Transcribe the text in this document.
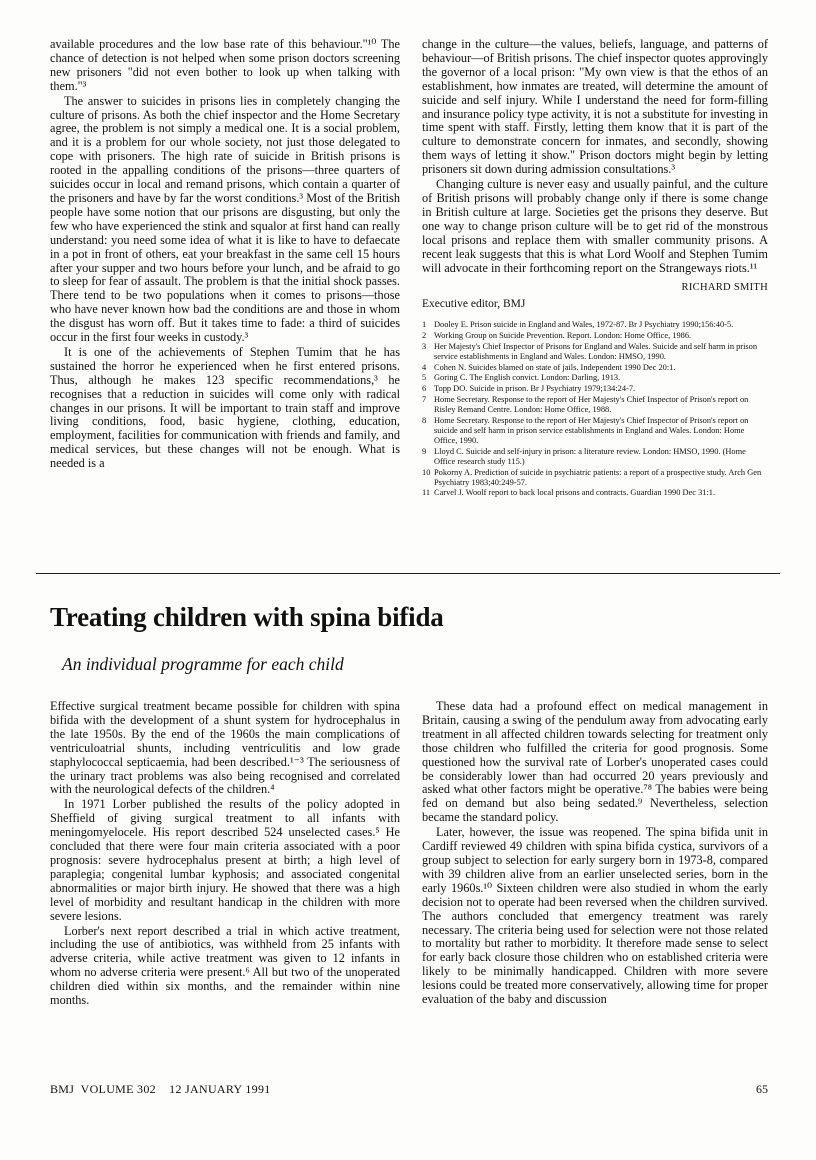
available procedures and the low base rate of this behaviour."¹⁰ The chance of detection is not helped when some prison doctors screening new prisoners "did not even bother to look up when talking with them."³

The answer to suicides in prisons lies in completely changing the culture of prisons. As both the chief inspector and the Home Secretary agree, the problem is not simply a medical one. It is a social problem, and it is a problem for our whole society, not just those delegated to cope with prisoners. The high rate of suicide in British prisons is rooted in the appalling conditions of the prisons—three quarters of suicides occur in local and remand prisons, which contain a quarter of the prisoners and have by far the worst conditions.³ Most of the British people have some notion that our prisons are disgusting, but only the few who have experienced the stink and squalor at first hand can really understand: you need some idea of what it is like to have to defaecate in a pot in front of others, eat your breakfast in the same cell 15 hours after your supper and two hours before your lunch, and be afraid to go to sleep for fear of assault. The problem is that the initial shock passes. There tend to be two populations when it comes to prisons—those who have never known how bad the conditions are and those in whom the disgust has worn off. But it takes time to fade: a third of suicides occur in the first four weeks in custody.³

It is one of the achievements of Stephen Tumim that he has sustained the horror he experienced when he first entered prisons. Thus, although he makes 123 specific recommendations,³ he recognises that a reduction in suicides will come only with radical changes in our prisons. It will be important to train staff and improve living conditions, food, basic hygiene, clothing, education, employment, facilities for communication with friends and family, and medical services, but these changes will not be enough. What is needed is a

change in the culture—the values, beliefs, language, and patterns of behaviour—of British prisons. The chief inspector quotes approvingly the governor of a local prison: "My own view is that the ethos of an establishment, how inmates are treated, will determine the amount of suicide and self injury. While I understand the need for form-filling and insurance policy type activity, it is not a substitute for investing in time spent with staff. Firstly, letting them know that it is part of the culture to demonstrate concern for inmates, and secondly, showing them ways of letting it show." Prison doctors might begin by letting prisoners sit down during admission consultations.³

Changing culture is never easy and usually painful, and the culture of British prisons will probably change only if there is some change in British culture at large. Societies get the prisons they deserve. But one way to change prison culture will be to get rid of the monstrous local prisons and replace them with smaller community prisons. A recent leak suggests that this is what Lord Woolf and Stephen Tumim will advocate in their forthcoming report on the Strangeways riots.¹¹

RICHARD SMITH
Executive editor, BMJ
1 Dooley E. Prison suicide in England and Wales, 1972-87. Br J Psychiatry 1990;156:40-5.
2 Working Group on Suicide Prevention. Report. London: Home Office, 1986.
3 Her Majesty's Chief Inspector of Prisons for England and Wales. Suicide and self harm in prison service establishments in England and Wales. London: HMSO, 1990.
4 Cohen N. Suicides blamed on state of jails. Independent 1990 Dec 20:1.
5 Goring C. The English convict. London: Darling, 1913.
6 Topp DO. Suicide in prison. Br J Psychiatry 1979;134:24-7.
7 Home Secretary. Response to the report of Her Majesty's Chief Inspector of Prison's report on Risley Remand Centre. London: Home Office, 1988.
8 Home Secretary. Response to the report of Her Majesty's Chief Inspector of Prison's report on suicide and self harm in prison service establishments in England and Wales. London: Home Office, 1990.
9 Lloyd C. Suicide and self-injury in prison: a literature review. London: HMSO, 1990. (Home Office research study 115.)
10 Pokorny A. Prediction of suicide in psychiatric patients: a report of a prospective study. Arch Gen Psychiatry 1983;40:249-57.
11 Carvel J. Woolf report to back local prisons and contracts. Guardian 1990 Dec 31:1.
Treating children with spina bifida
An individual programme for each child

Effective surgical treatment became possible for children with spina bifida with the development of a shunt system for hydrocephalus in the late 1950s. By the end of the 1960s the main complications of ventriculoatrial shunts, including ventriculitis and low grade staphylococcal septicaemia, had been described.¹⁻³ The seriousness of the urinary tract problems was also being recognised and correlated with the neurological defects of the children.⁴

In 1971 Lorber published the results of the policy adopted in Sheffield of giving surgical treatment to all infants with meningomyelocele. His report described 524 unselected cases.⁵ He concluded that there were four main criteria associated with a poor prognosis: severe hydrocephalus present at birth; a high level of paraplegia; congenital lumbar kyphosis; and associated congenital abnormalities or major birth injury. He showed that there was a high level of morbidity and resultant handicap in the children with more severe lesions.

Lorber's next report described a trial in which active treatment, including the use of antibiotics, was withheld from 25 infants with adverse criteria, while active treatment was given to 12 infants in whom no adverse criteria were present.⁶ All but two of the unoperated children died within six months, and the remainder within nine months.

These data had a profound effect on medical management in Britain, causing a swing of the pendulum away from advocating early treatment in all affected children towards selecting for treatment only those children who fulfilled the criteria for good prognosis. Some questioned how the survival rate of Lorber's unoperated cases could be considerably lower than had occurred 20 years previously and asked what other factors might be operative.⁷⁸ The babies were being fed on demand but also being sedated.⁹ Nevertheless, selection became the standard policy.

Later, however, the issue was reopened. The spina bifida unit in Cardiff reviewed 49 children with spina bifida cystica, survivors of a group subject to selection for early surgery born in 1973-8, compared with 39 children alive from an earlier unselected series, born in the early 1960s.¹⁰ Sixteen children were also studied in whom the early decision not to operate had been reversed when the children survived. The authors concluded that emergency treatment was rarely necessary. The criteria being used for selection were not those related to mortality but rather to morbidity. It therefore made sense to select for early back closure those children who on established criteria were likely to be minimally handicapped. Children with more severe lesions could be treated more conservatively, allowing time for proper evaluation of the baby and discussion

BMJ  VOLUME 302    12 JANUARY 1991	65
